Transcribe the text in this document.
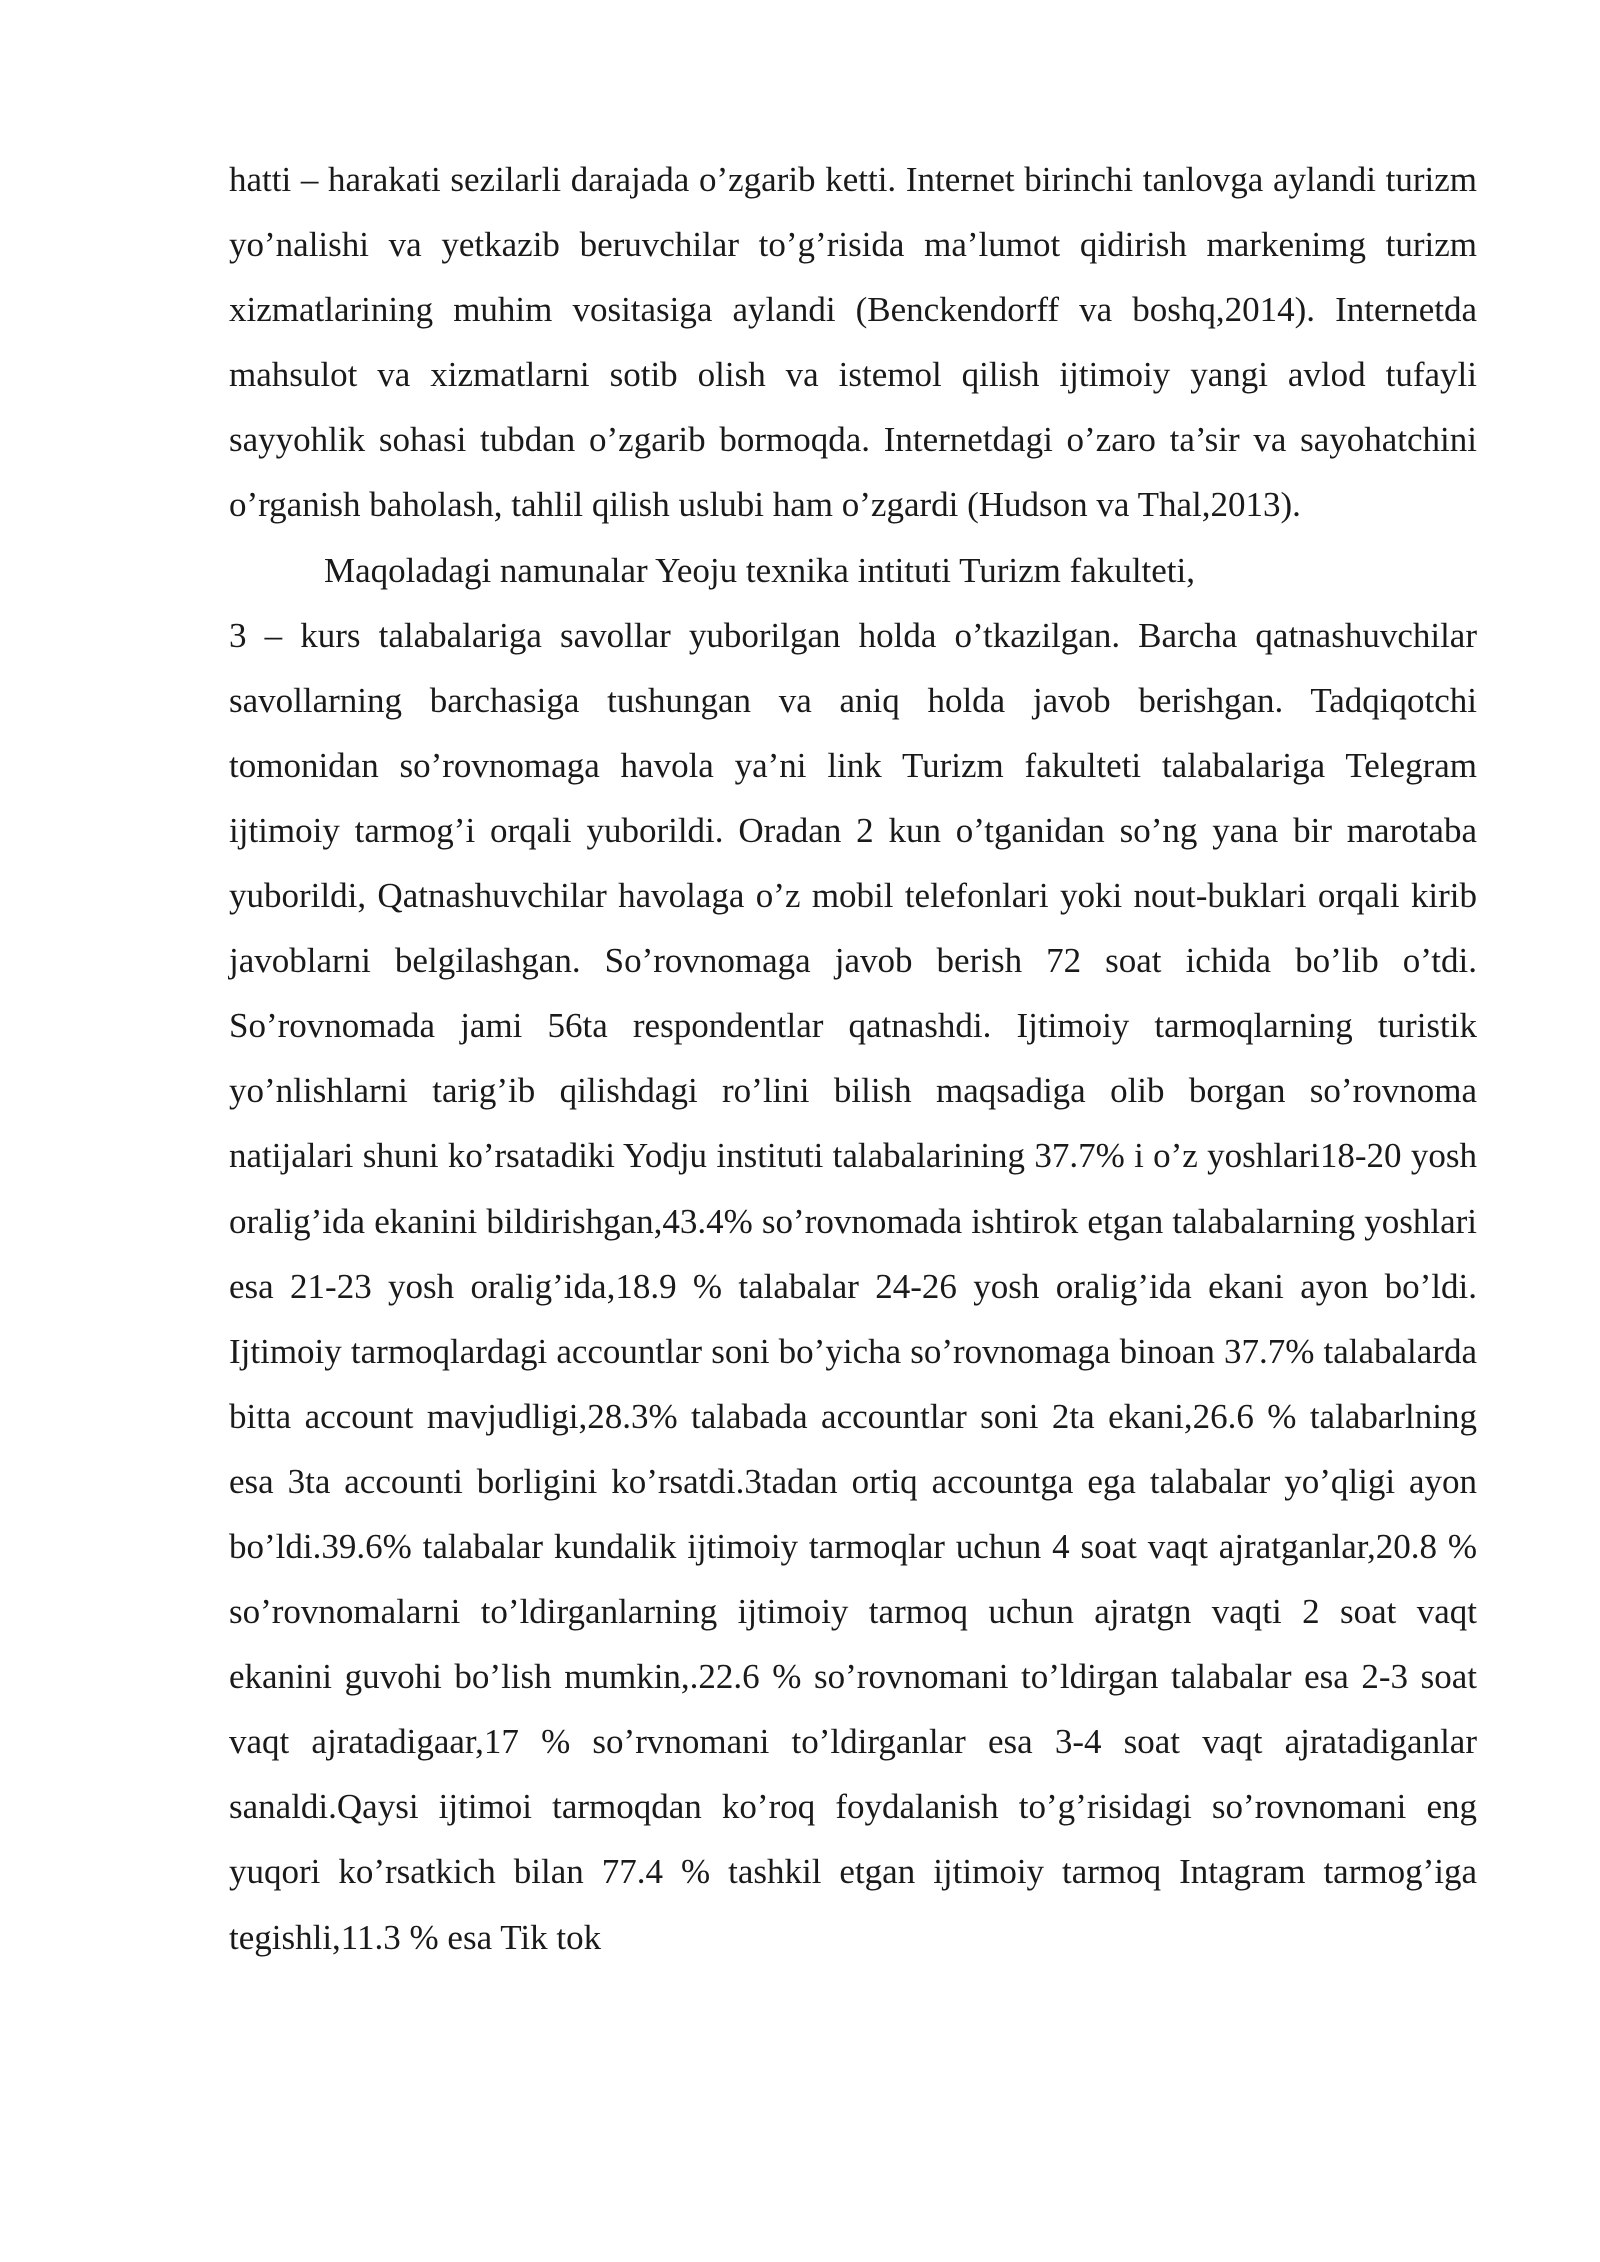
hatti – harakati sezilarli darajada o’zgarib ketti. Internet birinchi tanlovga aylandi turizm yo’nalishi va yetkazib beruvchilar to’g’risida ma’lumot qidirish markenimg turizm xizmatlarining muhim vositasiga aylandi (Benckendorff va boshq,2014). Internetda mahsulot va xizmatlarni sotib olish va istemol qilish ijtimoiy yangi avlod tufayli sayyohlik sohasi tubdan o’zgarib bormoqda. Internetdagi o’zaro ta’sir va sayohatchini o’rganish baholash, tahlil qilish uslubi ham o’zgardi (Hudson va Thal,2013).

Maqoladagi namunalar Yeoju texnika intituti Turizm fakulteti,

3 – kurs talabalariga savollar yuborilgan holda o’tkazilgan. Barcha qatnashuvchilar savollarning barchasiga tushungan va aniq holda javob berishgan. Tadqiqotchi tomonidan so’rovnomaga havola ya’ni link Turizm fakulteti talabalariga Telegram ijtimoiy tarmog’i orqali yuborildi. Oradan 2 kun o’tganidan so’ng yana bir marotaba yuborildi, Qatnashuvchilar havolaga o’z mobil telefonlari yoki nout-buklari orqali kirib javoblarni belgilashgan. So’rovnomaga javob berish 72 soat ichida bo’lib o’tdi. So’rovnomada jami 56ta respondentlar qatnashdi. Ijtimoiy tarmoqlarning turistik yo’nlishlarni tarig’ib qilishdagi ro’lini bilish maqsadiga olib borgan so’rovnoma natijalari shuni ko’rsatadiki Yodju instituti talabalarining 37.7% i o’z yoshlari18-20 yosh oralig’ida ekanini bildirishgan,43.4% so’rovnomada ishtirok etgan talabalarning yoshlari esa 21-23 yosh oralig’ida,18.9 % talabalar 24-26 yosh oralig’ida ekani ayon bo’ldi. Ijtimoiy tarmoqlardagi accountlar soni bo’yicha so’rovnomaga binoan 37.7% talabalarda bitta account mavjudligi,28.3% talabada accountlar soni 2ta ekani,26.6 % talabarlning esa 3ta accounti borligini ko’rsatdi.3tadan ortiq accountga ega talabalar yo’qligi ayon bo’ldi.39.6% talabalar kundalik ijtimoiy tarmoqlar uchun 4 soat vaqt ajratganlar,20.8 % so’rovnomalarni to’ldirganlarning ijtimoiy tarmoq uchun ajratgn vaqti 2 soat vaqt ekanini guvohi bo’lish mumkin,.22.6 % so’rovnomani to’ldirgan talabalar esa 2-3 soat vaqt ajratadigaar,17 % so’rvnomani to’ldirganlar esa 3-4 soat vaqt ajratadiganlar sanaldi.Qaysi ijtimoi tarmoqdan ko’roq foydalanish to’g’risidagi so’rovnomani eng yuqori ko’rsatkich bilan 77.4 % tashkil etgan ijtimoiy tarmoq Intagram tarmog’iga tegishli,11.3 % esa Tik tok
